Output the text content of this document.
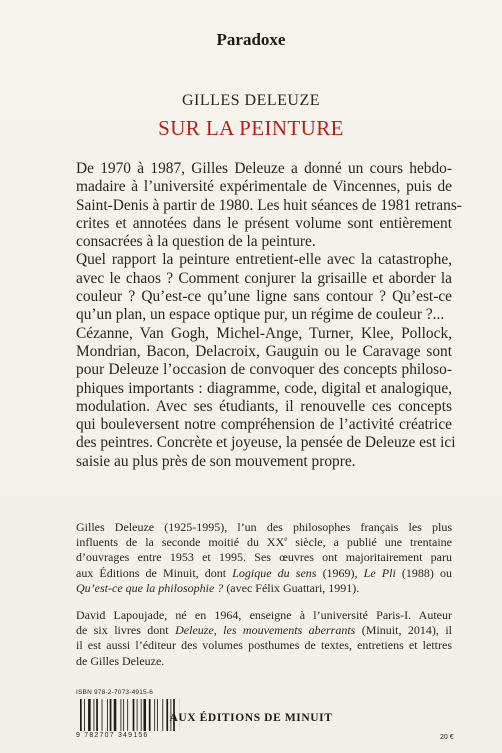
Paradoxe
GILLES DELEUZE
SUR LA PEINTURE
De 1970 à 1987, Gilles Deleuze a donné un cours hebdo-
madaire à l’université expérimentale de Vincennes, puis de
Saint-Denis à partir de 1980. Les huit séances de 1981 retrans-
crites et annotées dans le présent volume sont entièrement
consacrées à la question de la peinture.
Quel rapport la peinture entretient-elle avec la catastrophe,
avec le chaos ? Comment conjurer la grisaille et aborder la
couleur ? Qu’est-ce qu’une ligne sans contour ? Qu’est-ce
qu’un plan, un espace optique pur, un régime de couleur ?...
Cézanne, Van Gogh, Michel-Ange, Turner, Klee, Pollock,
Mondrian, Bacon, Delacroix, Gauguin ou le Caravage sont
pour Deleuze l’occasion de convoquer des concepts philoso-
phiques importants : diagramme, code, digital et analogique,
modulation. Avec ses étudiants, il renouvelle ces concepts
qui bouleversent notre compréhension de l’activité créatrice
des peintres. Concrète et joyeuse, la pensée de Deleuze est ici
saisie au plus près de son mouvement propre.
Gilles Deleuze (1925-1995), l’un des philosophes français les plus
influents de la seconde moitié du XXe siècle, a publié une trentaine
d’ouvrages entre 1953 et 1995. Ses œuvres ont majoritairement paru
aux Éditions de Minuit, dont Logique du sens (1969), Le Pli (1988) ou
Qu’est-ce que la philosophie ? (avec Félix Guattari, 1991).
David Lapoujade, né en 1964, enseigne à l’université Paris-I. Auteur
de six livres dont Deleuze, les mouvements aberrants (Minuit, 2014), il
il est aussi l’éditeur des volumes posthumes de textes, entretiens et lettres
de Gilles Deleuze.
ISBN 978-2-7073-4915-6
9 782707 349156
AUX ÉDITIONS DE MINUIT
20 €
